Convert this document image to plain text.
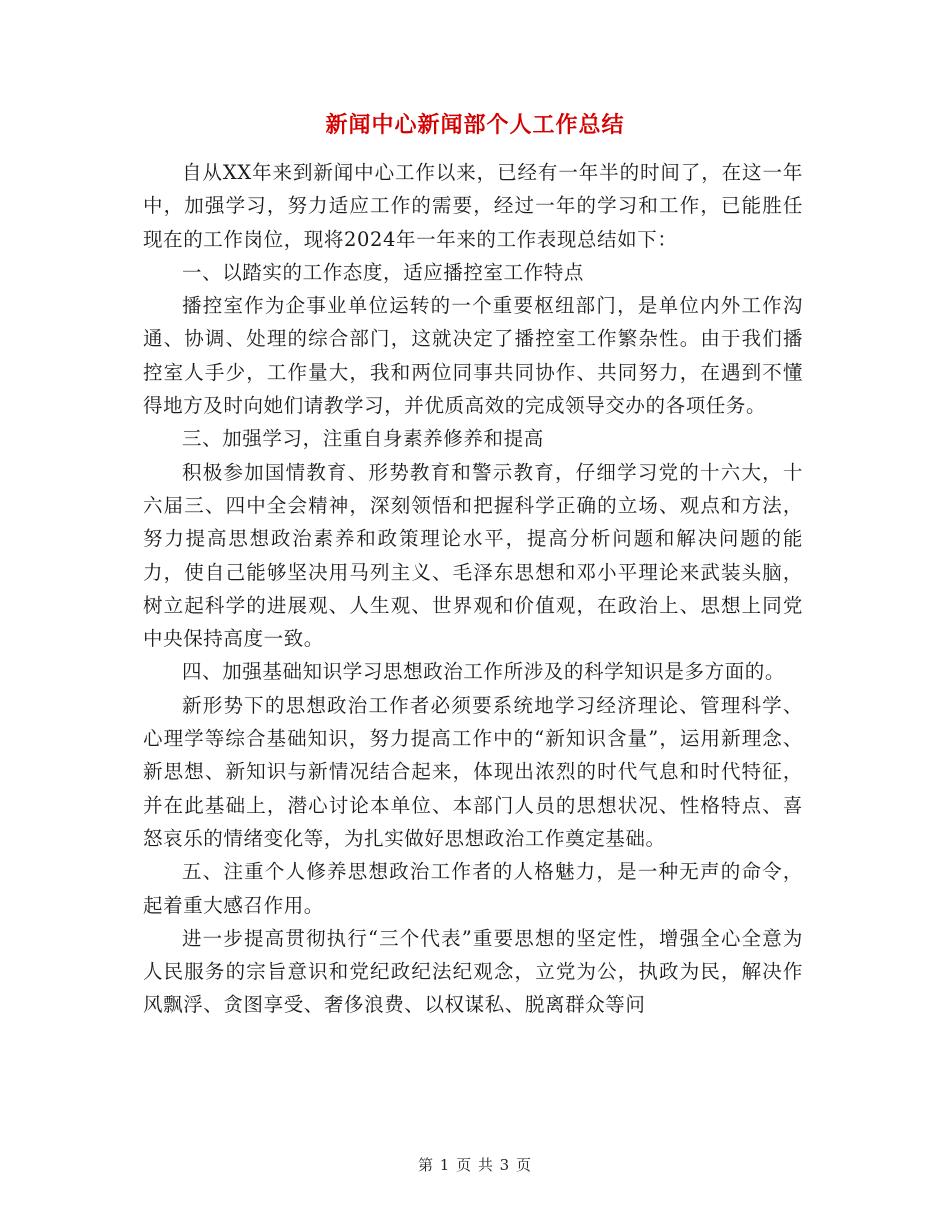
新闻中心新闻部个人工作总结

自从XX年来到新闻中心工作以来，已经有一年半的时间了，在这一年中，加强学习，努力适应工作的需要，经过一年的学习和工作，已能胜任现在的工作岗位，现将2024年一年来的工作表现总结如下：

一、以踏实的工作态度，适应播控室工作特点

播控室作为企事业单位运转的一个重要枢纽部门，是单位内外工作沟通、协调、处理的综合部门，这就决定了播控室工作繁杂性。由于我们播控室人手少，工作量大，我和两位同事共同协作、共同努力，在遇到不懂得地方及时向她们请教学习，并优质高效的完成领导交办的各项任务。

三、加强学习，注重自身素养修养和提高

积极参加国情教育、形势教育和警示教育，仔细学习党的十六大，十六届三、四中全会精神，深刻领悟和把握科学正确的立场、观点和方法，努力提高思想政治素养和政策理论水平，提高分析问题和解决问题的能力，使自己能够坚决用马列主义、毛泽东思想和邓小平理论来武装头脑，树立起科学的进展观、人生观、世界观和价值观，在政治上、思想上同党中央保持高度一致。

四、加强基础知识学习思想政治工作所涉及的科学知识是多方面的。

新形势下的思想政治工作者必须要系统地学习经济理论、管理科学、心理学等综合基础知识，努力提高工作中的“新知识含量”，运用新理念、新思想、新知识与新情况结合起来，体现出浓烈的时代气息和时代特征，并在此基础上，潜心讨论本单位、本部门人员的思想状况、性格特点、喜怒哀乐的情绪变化等，为扎实做好思想政治工作奠定基础。

五、注重个人修养思想政治工作者的人格魅力，是一种无声的命令，起着重大感召作用。

进一步提高贯彻执行“三个代表”重要思想的坚定性，增强全心全意为人民服务的宗旨意识和党纪政纪法纪观念，立党为公，执政为民，解决作风飘浮、贪图享受、奢侈浪费、以权谋私、脱离群众等问

第 1 页 共 3 页
